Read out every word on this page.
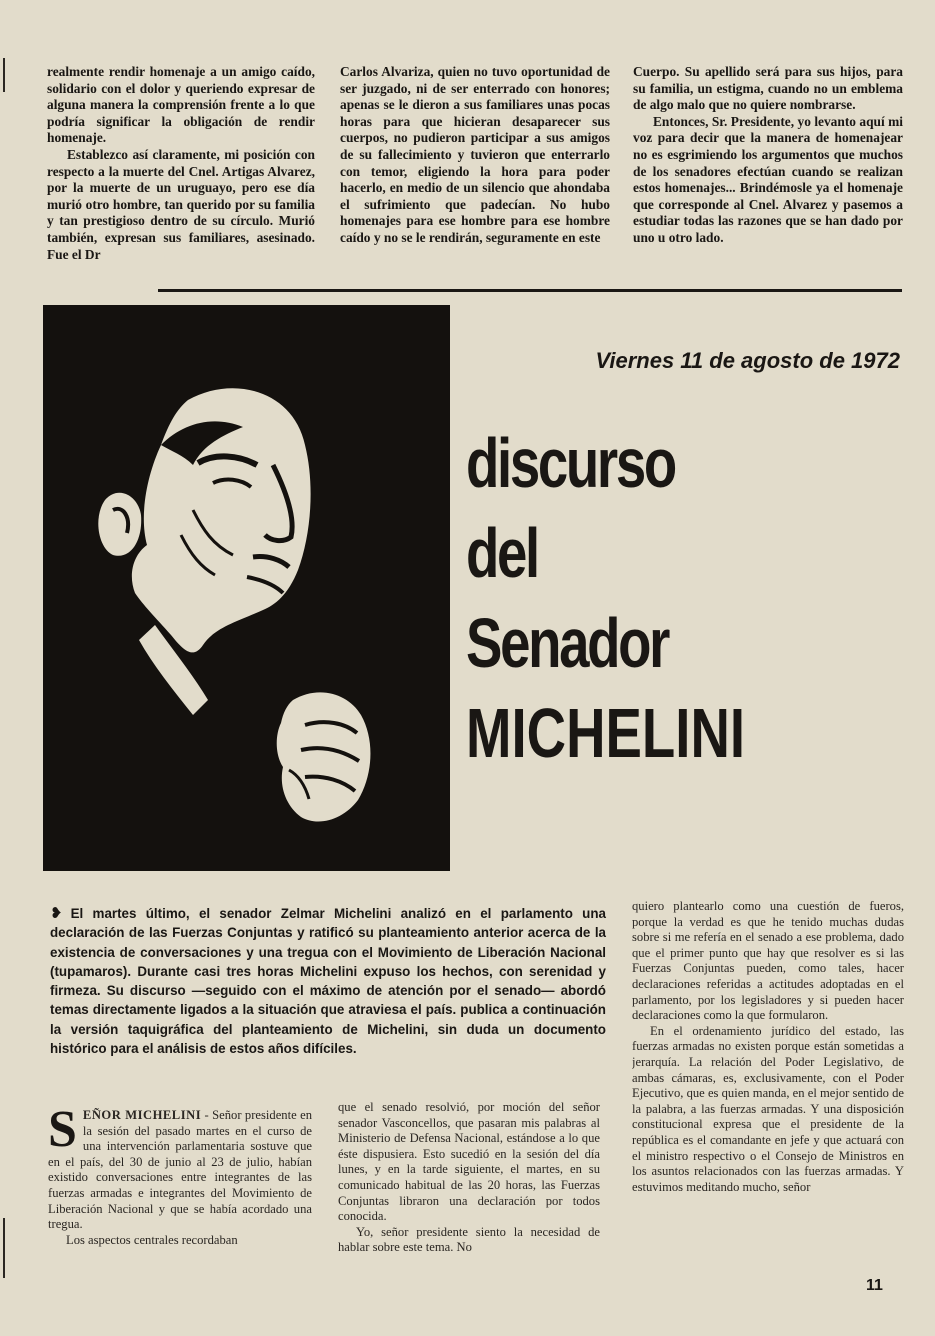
realmente rendir homenaje a un amigo caído, solidario con el dolor y queriendo expresar de alguna manera la comprensión frente a lo que podría significar la obligación de rendir homenaje.

Establezco así claramente, mi posición con respecto a la muerte del Cnel. Artigas Alvarez, por la muerte de un uruguayo, pero ese día murió otro hombre, tan querido por su familia y tan prestigioso dentro de su círculo. Murió también, expresan sus familiares, asesinado. Fue el Dr

Carlos Alvariza, quien no tuvo oportunidad de ser juzgado, ni de ser enterrado con honores; apenas se le dieron a sus familiares unas pocas horas para que hicieran desaparecer sus cuerpos, no pudieron participar a sus amigos de su fallecimiento y tuvieron que enterrarlo con temor, eligiendo la hora para poder hacerlo, en medio de un silencio que ahondaba el sufrimiento que padecían. No hubo homenajes para ese hombre para ese hombre caído y no se le rendirán, seguramente en este

Cuerpo. Su apellido será para sus hijos, para su familia, un estigma, cuando no un emblema de algo malo que no quiere nombrarse.

Entonces, Sr. Presidente, yo levanto aquí mi voz para decir que la manera de homenajear no es esgrimiendo los argumentos que muchos de los senadores efectúan cuando se realizan estos homenajes... Brindémosle ya el homenaje que corresponde al Cnel. Alvarez y pasemos a estudiar todas las razones que se han dado por uno u otro lado.

Viernes 11 de agosto de 1972
discurso
del
Senador
MICHELINI
❥ El martes último, el senador Zelmar Michelini analizó en el parlamento una declaración de las Fuerzas Conjuntas y ratificó su planteamiento anterior acerca de la existencia de conversaciones y una tregua con el Movimiento de Liberación Nacional (tupamaros). Durante casi tres horas Michelini expuso los hechos, con serenidad y firmeza. Su discurso —seguido con el máximo de atención por el senado— abordó temas directamente ligados a la situación que atraviesa el país. publica a continuación la versión taquigráfica del planteamiento de Michelini, sin duda un documento histórico para el análisis de estos años difíciles.

SEÑOR MICHELINI - Señor presidente en la sesión del pasado martes en el curso de una intervención parlamentaria sostuve que en el país, del 30 de junio al 23 de julio, habían existido conversaciones entre integrantes de las fuerzas armadas e integrantes del Movimiento de Liberación Nacional y que se había acordado una tregua.

Los aspectos centrales recordaban

que el senado resolvió, por moción del señor senador Vasconcellos, que pasaran mis palabras al Ministerio de Defensa Nacional, estándose a lo que éste dispusiera. Esto sucedió en la sesión del día lunes, y en la tarde siguiente, el martes, en su comunicado habitual de las 20 horas, las Fuerzas Conjuntas libraron una declaración por todos conocida.

Yo, señor presidente siento la necesidad de hablar sobre este tema. No

quiero plantearlo como una cuestión de fueros, porque la verdad es que he tenido muchas dudas sobre si me refería en el senado a ese problema, dado que el primer punto que hay que resolver es si las Fuerzas Conjuntas pueden, como tales, hacer declaraciones referidas a actitudes adoptadas en el parlamento, por los legisladores y si pueden hacer declaraciones como la que formularon.

En el ordenamiento jurídico del estado, las fuerzas armadas no existen porque están sometidas a jerarquía. La relación del Poder Legislativo, de ambas cámaras, es, exclusivamente, con el Poder Ejecutivo, que es quien manda, en el mejor sentido de la palabra, a las fuerzas armadas. Y una disposición constitucional expresa que el presidente de la república es el comandante en jefe y que actuará con el ministro respectivo o el Consejo de Ministros en los asuntos relacionados con las fuerzas armadas. Y estuvimos meditando mucho, señor

11
